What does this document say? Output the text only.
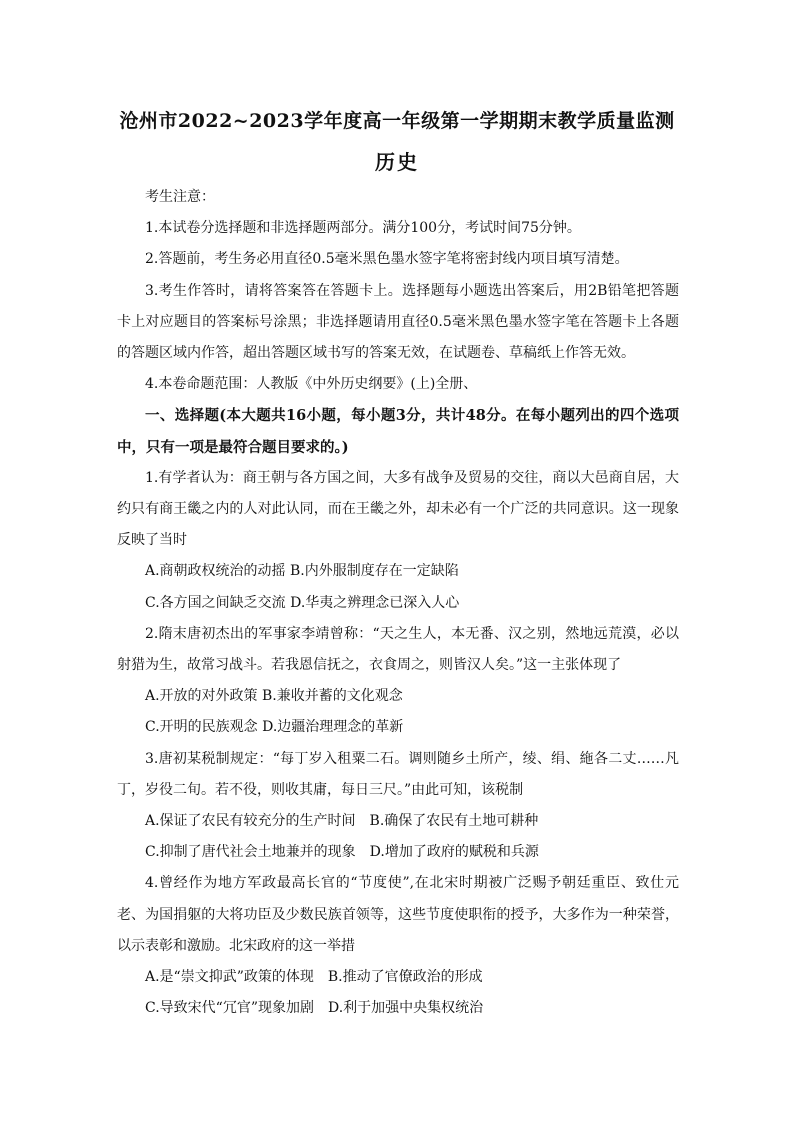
沧州市2022~2023学年度高一年级第一学期期末教学质量监测
历史

考生注意：

1.本试卷分选择题和非选择题两部分。满分100分，考试时间75分钟。

2.答题前，考生务必用直径0.5毫米黑色墨水签字笔将密封线内项目填写清楚。

3.考生作答时，请将答案答在答题卡上。选择题每小题选出答案后，用2B铅笔把答题卡上对应题目的答案标号涂黑；非选择题请用直径0.5毫米黑色墨水签字笔在答题卡上各题的答题区域内作答，超出答题区域书写的答案无效，在试题卷、草稿纸上作答无效。

4.本卷命题范围：人教版《中外历史纲要》(上)全册、

一、选择题(本大题共16小题，每小题3分，共计48分。在每小题列出的四个选项中，只有一项是最符合题目要求的。)

1.有学者认为：商王朝与各方国之间，大多有战争及贸易的交往，商以大邑商自居，大约只有商王畿之内的人对此认同，而在王畿之外，却未必有一个广泛的共同意识。这一现象反映了当时

A.商朝政权统治的动摇 B.内外服制度存在一定缺陷

C.各方国之间缺乏交流 D.华夷之辨理念已深入人心

2.隋末唐初杰出的军事家李靖曾称：“天之生人，本无番、汉之别，然地远荒漠，必以射猎为生，故常习战斗。若我恩信抚之，衣食周之，则皆汉人矣。”这一主张体现了

A.开放的对外政策 B.兼收并蓄的文化观念

C.开明的民族观念 D.边疆治理理念的革新

3.唐初某税制规定：“每丁岁入租粟二石。调则随乡土所产，绫、绢、絁各二丈……凡丁，岁役二旬。若不役，则收其庸，每日三尺。”由此可知，该税制

A.保证了农民有较充分的生产时间　B.确保了农民有土地可耕种

C.抑制了唐代社会土地兼并的现象　D.增加了政府的赋税和兵源

4.曾经作为地方军政最高长官的“节度使”,在北宋时期被广泛赐予朝廷重臣、致仕元老、为国捐躯的大将功臣及少数民族首领等，这些节度使职衔的授予，大多作为一种荣誉，以示表彰和激励。北宋政府的这一举措

A.是“崇文抑武”政策的体现　B.推动了官僚政治的形成

C.导致宋代“冗官”现象加剧　D.利于加强中央集权统治
